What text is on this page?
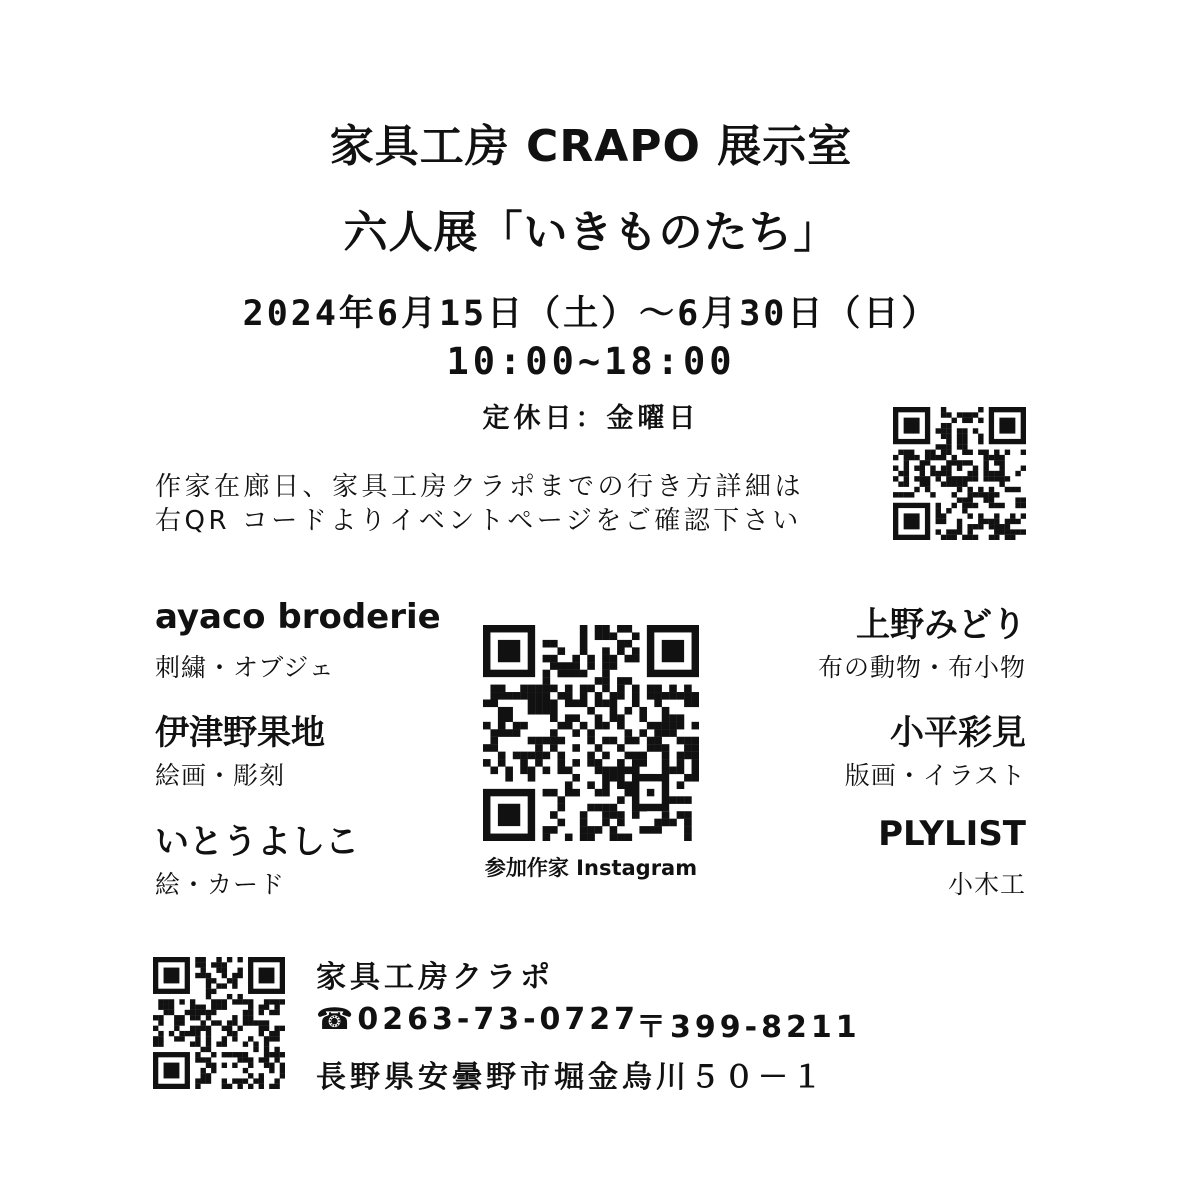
家具工房 CRAPO 展示室
六人展「いきものたち」
2024年6月15日（土）～6月30日（日）
10:00~18:00
定休日：金曜日
作家在廊日、家具工房クラポまでの行き方詳細は
右QR コードよりイベントページをご確認下さい
ayaco broderie
刺繍・オブジェ
伊津野果地
絵画・彫刻
いとうよしこ
絵・カード
上野みどり
布の動物・布小物
小平彩見
版画・イラスト
PLYLIST
小木工
参加作家 Instagram
家具工房クラポ
☎0263-73-0727
〒399-8211
長野県安曇野市堀金烏川５０－１
